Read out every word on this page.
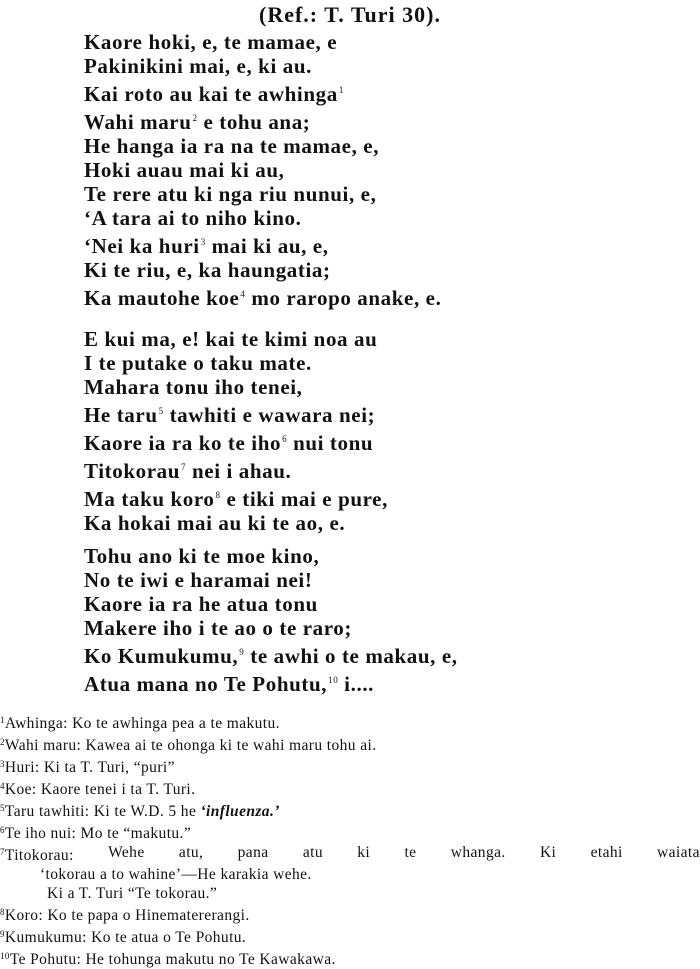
(Ref.: T. Turi 30).
Kaore hoki, e, te mamae, e
Pakinikini mai, e, ki au.
Kai roto au kai te awhinga$^1$
Wahi maru$^2$ e tohu ana;
He hanga ia ra na te mamae, e,
Hoki auau mai ki au,
Te rere atu ki nga riu nunui, e,
‘A tara ai to niho kino.
‘Nei ka huri$^3$ mai ki au, e,
Ki te riu, e, ka haungatia;
Ka mautohe koe$^4$ mo raropo anake, e.
E kui ma, e! kai te kimi noa au
I te putake o taku mate.
Mahara tonu iho tenei,
He taru$^5$ tawhiti e wawara nei;
Kaore ia ra ko te iho$^6$ nui tonu
Titokorau$^7$ nei i ahau.
Ma taku koro$^8$ e tiki mai e pure,
Ka hokai mai au ki te ao, e.
Tohu ano ki te moe kino,
No te iwi e haramai nei!
Kaore ia ra he atua tonu
Makere iho i te ao o te raro;
Ko Kumukumu,$^9$ te awhi o te makau, e,
Atua mana no Te Pohutu,$^{10}$ i....
$^1$Awhinga: Ko te awhinga pea a te makutu.
$^2$Wahi maru: Kawea ai te ohonga ki te wahi maru tohu ai.
$^3$Huri: Ki ta T. Turi, “puri”
$^4$Koe: Kaore tenei i ta T. Turi.
$^5$Taru tawhiti: Ki te W.D. 5 he ‘influenza.’
$^6$Te iho nui: Mo te “makutu.”
$^7$Titokorau: Wehe atu, pana atu ki te whanga. Ki etahi waiata
‘tokorau a to wahine’—He karakia wehe.
Ki a T. Turi “Te tokorau.”
$^8$Koro: Ko te papa o Hinematererangi.
$^9$Kumukumu: Ko te atua o Te Pohutu.
$^{10}$Te Pohutu: He tohunga makutu no Te Kawakawa.
